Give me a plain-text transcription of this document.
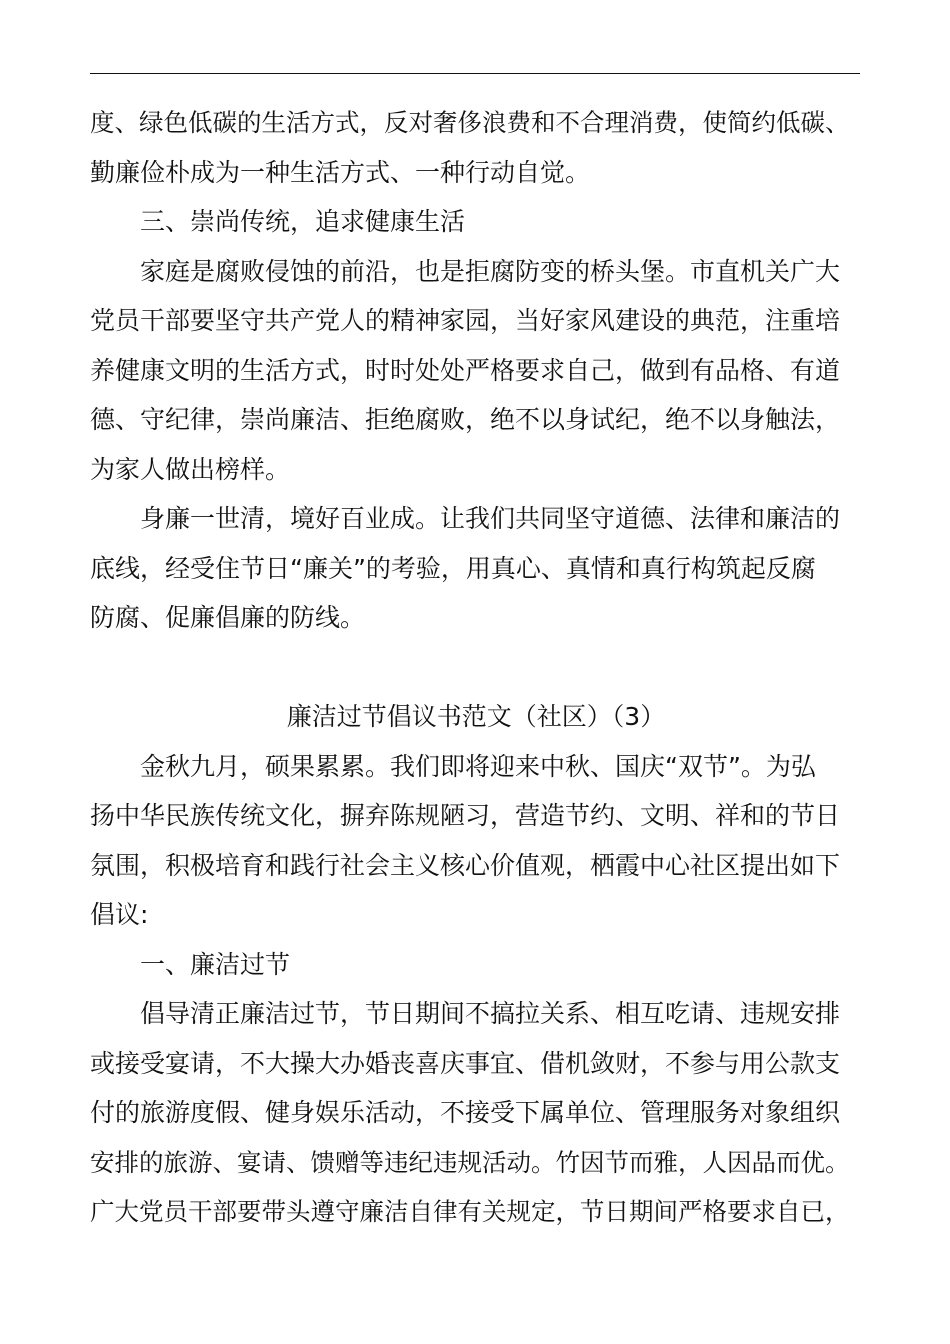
度、绿色低碳的生活方式，反对奢侈浪费和不合理消费，使简约低碳、
勤廉俭朴成为一种生活方式、一种行动自觉。
三、崇尚传统，追求健康生活
家庭是腐败侵蚀的前沿，也是拒腐防变的桥头堡。市直机关广大
党员干部要坚守共产党人的精神家园，当好家风建设的典范，注重培
养健康文明的生活方式，时时处处严格要求自己，做到有品格、有道
德、守纪律，崇尚廉洁、拒绝腐败，绝不以身试纪，绝不以身触法，
为家人做出榜样。
身廉一世清，境好百业成。让我们共同坚守道德、法律和廉洁的
底线，经受住节日“廉关”的考验，用真心、真情和真行构筑起反腐
防腐、促廉倡廉的防线。
廉洁过节倡议书范文（社区）（3）
金秋九月，硕果累累。我们即将迎来中秋、国庆“双节”。为弘
扬中华民族传统文化，摒弃陈规陋习，营造节约、文明、祥和的节日
氛围，积极培育和践行社会主义核心价值观，栖霞中心社区提出如下
倡议:
一、廉洁过节
倡导清正廉洁过节，节日期间不搞拉关系、相互吃请、违规安排
或接受宴请，不大操大办婚丧喜庆事宜、借机敛财，不参与用公款支
付的旅游度假、健身娱乐活动，不接受下属单位、管理服务对象组织
安排的旅游、宴请、馈赠等违纪违规活动。竹因节而雅，人因品而优。
广大党员干部要带头遵守廉洁自律有关规定，节日期间严格要求自已，
